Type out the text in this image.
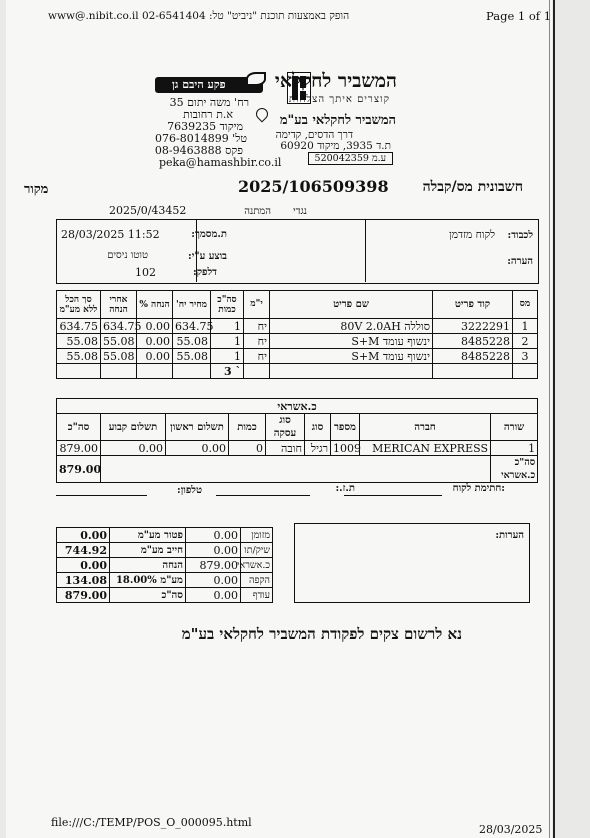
www@.nibit.co.il 02-6541404 :הופק באמצעות תוכנת "ניביט" טל	Page 1 of 1
המשביר לחקלאי
קוצרים איתך הצלחות
המשביר לחקלאי בע"מ
דרך הדסים, קדימה
ת.ד 3935, מיקוד 60920
ע.מ 520042359
פקע היבם גן
רח' משה יתום 35
א.ת רחובות
מיקוד 7639235
טל' 076-8014899
פקס 08-9463888
peka@hamashbir.co.il
חשבונית מס/קבלה
2025/106509398
מקור
נגדי
2025/0/43452	המתנה
לכבוד:
לקוח מזדמן
הערה:
ת.מסמך:
28/03/2025 11:52
בוצע ע"י:
טוטו ניסים
דלפק:
102
סך הכל ללא מע"מ	אחרי הנחה	הנחה %	מחיר יח'	סה"כ כמות	י"מ	שם פריט	קוד פריט	מס
634.75	634.75	0.00	634.75	1	יח	סוללה 80V 2.0AH	3222291	1
55.08	55.08	0.00	55.08	1	יח	ינשוף עומד S+M	8485228	2
55.08	55.08	0.00	55.08	1	יח	ינשוף עומד S+M	8485228	3
				3 `				
כ.אשראי								
סה"כ	תשלום קבוע	תשלום ראשון	כמות	סוג עסקה	סוג	מספר	חברה	שורה
879.00	0.00	0.00	0	חובה	רגיל	1009	MERICAN EXPRESS	1
879.00								סה"כ כ.אשראי
:חתימת לקוח
ת.ז.:
טלפון:
0.00	פטור מע"מ	0.00	מזומן
744.92	חייב מע"מ	0.00	שיק/תו
0.00	הנחה	879.00	כ.אשראי
134.08	מע"מ 18.00%	0.00	הקפה
879.00	סה"כ	0.00	עודף
הערות:
נא לרשום צקים לפקודת המשביר לחקלאי בע"מ
file:///C:/TEMP/POS_O_000095.html
28/03/2025
